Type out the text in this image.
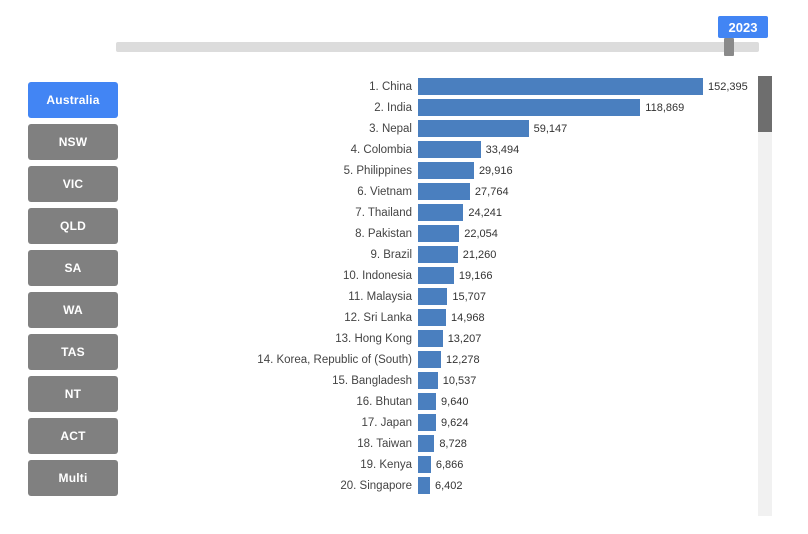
2023
Australia
NSW
VIC
QLD
SA
WA
TAS
NT
ACT
Multi
1. China	152,395
2. India	118,869
3. Nepal	59,147
4. Colombia	33,494
5. Philippines	29,916
6. Vietnam	27,764
7. Thailand	24,241
8. Pakistan	22,054
9. Brazil	21,260
10. Indonesia	19,166
11. Malaysia	15,707
12. Sri Lanka	14,968
13. Hong Kong	13,207
14. Korea, Republic of (South)	12,278
15. Bangladesh	10,537
16. Bhutan	9,640
17. Japan	9,624
18. Taiwan	8,728
19. Kenya	6,866
20. Singapore	6,402
